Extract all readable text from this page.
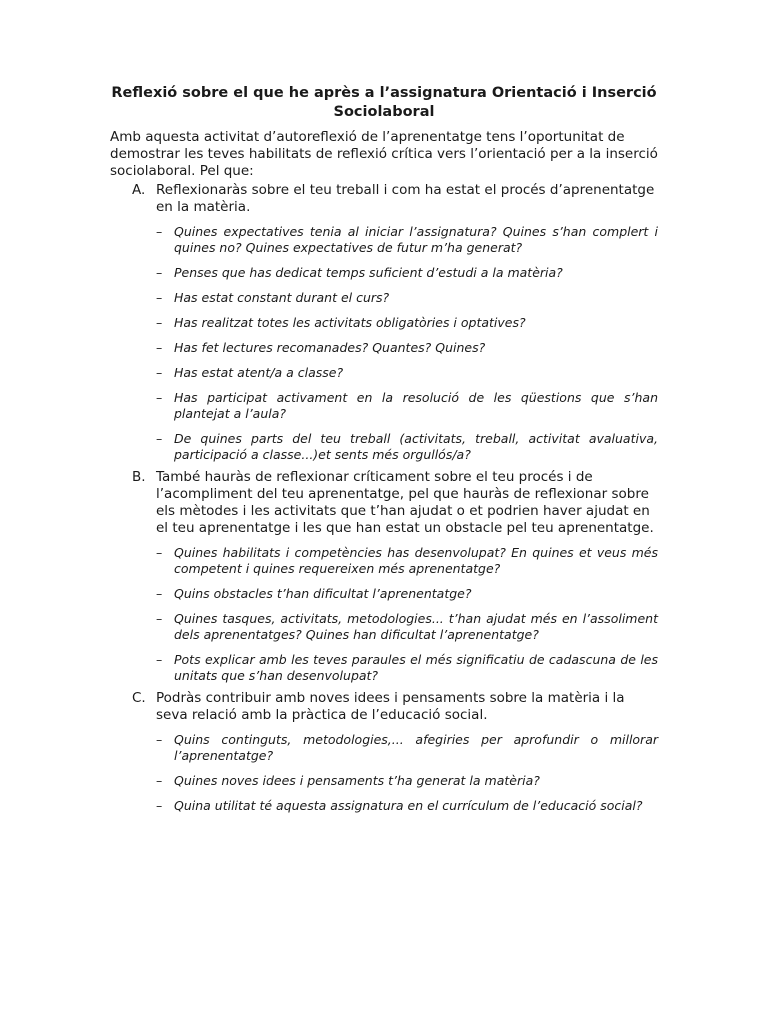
Reflexió sobre el que he après a l’assignatura Orientació i Inserció Sociolaboral
Amb aquesta activitat d’autoreflexió de l’aprenentatge tens l’oportunitat de demostrar les teves habilitats de reflexió crítica vers l’orientació per a la inserció sociolaboral. Pel que:
A. Reflexionaràs sobre el teu treball i com ha estat el procés d’aprenentatge en la matèria.
– Quines expectatives tenia al iniciar l’assignatura? Quines s’han complert i quines no? Quines expectatives de futur m’ha generat?
– Penses que has dedicat temps suficient d’estudi a la matèria?
– Has estat constant durant el curs?
– Has realitzat totes les activitats obligatòries i optatives?
– Has fet lectures recomanades? Quantes? Quines?
– Has estat atent/a a classe?
– Has participat activament en la resolució de les qüestions que s’han plantejat a l’aula?
– De quines parts del teu treball (activitats, treball, activitat avaluativa, participació a classe...)et sents més orgullós/a?
B. També hauràs de reflexionar críticament sobre el teu procés i de l’acompliment del teu aprenentatge, pel que hauràs de reflexionar sobre els mètodes i les activitats que t’han ajudat o et podrien haver ajudat en el teu aprenentatge i les que han estat un obstacle pel teu aprenentatge.
– Quines habilitats i competències has desenvolupat? En quines et veus més competent i quines requereixen més aprenentatge?
– Quins obstacles t’han dificultat l’aprenentatge?
– Quines tasques, activitats, metodologies... t’han ajudat més en l’assoliment dels aprenentatges? Quines han dificultat l’aprenentatge?
– Pots explicar amb les teves paraules el més significatiu de cadascuna de les unitats que s’han desenvolupat?
C. Podràs contribuir amb noves idees i pensaments sobre la matèria i la seva relació amb la pràctica de l’educació social.
– Quins continguts, metodologies,... afegiries per aprofundir o millorar l’aprenentatge?
– Quines noves idees i pensaments t’ha generat la matèria?
– Quina utilitat té aquesta assignatura en el currículum de l’educació social?
